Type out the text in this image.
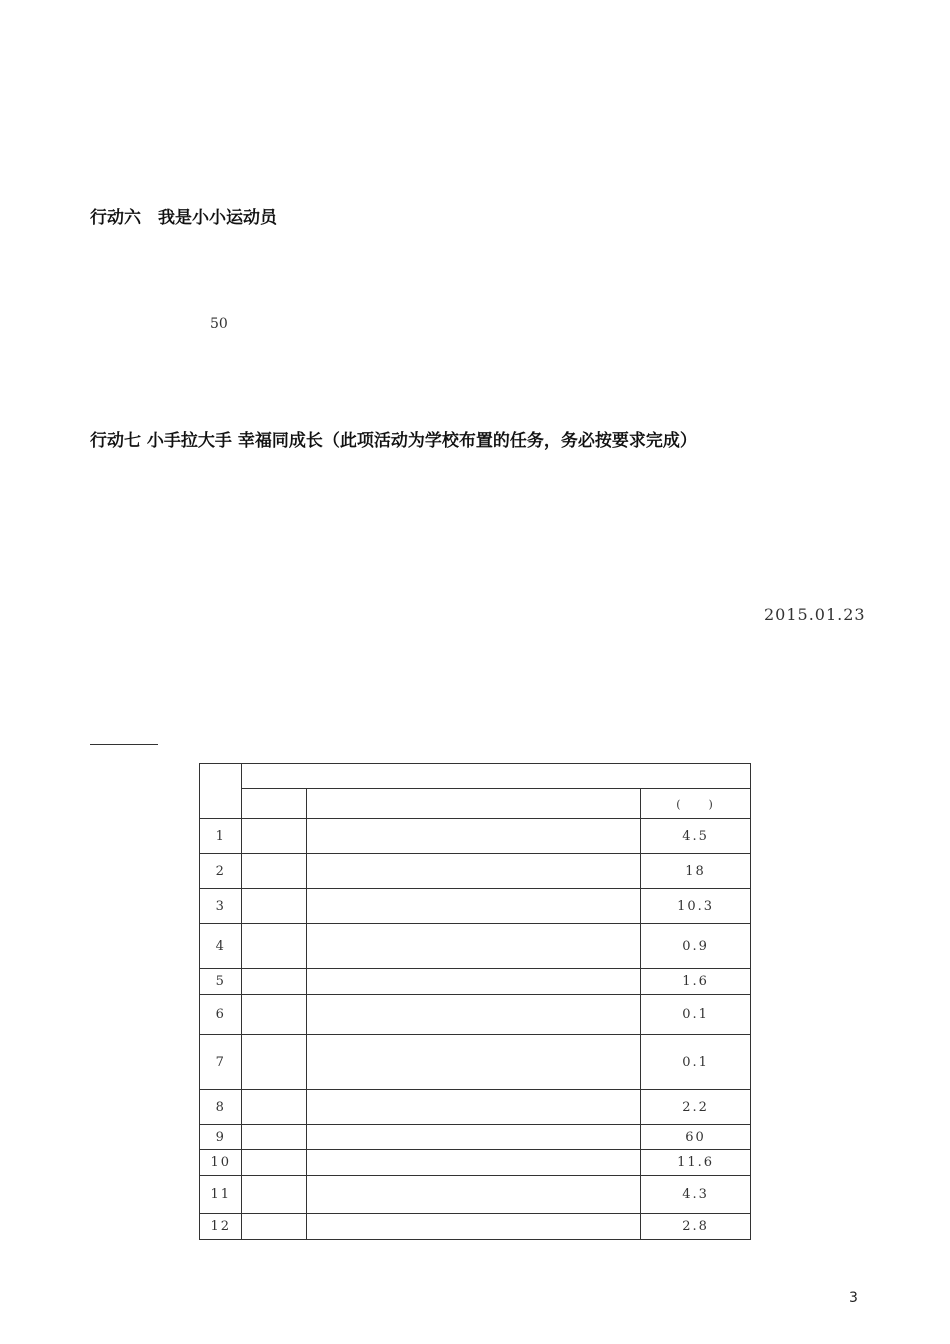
行动六　我是小小运动员
50
行动七 小手拉大手 幸福同成长（此项活动为学校布置的任务，务必按要求完成）
2015.01.23

			(　　)
1			4.5
2			18
3			10.3
4			0.9
5			1.6
6			0.1
7			0.1
8			2.2
9			60
10			11.6
11			4.3
12			2.8
3
